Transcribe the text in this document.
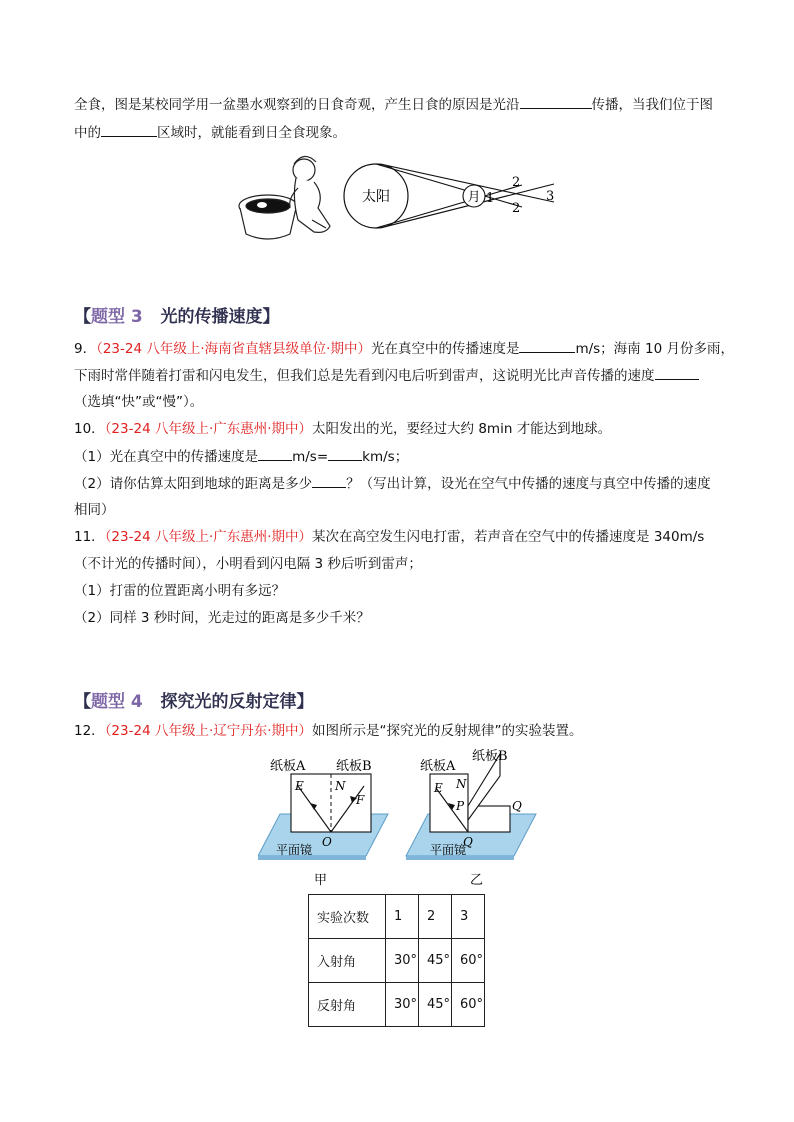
全食，图是某校同学用一盆墨水观察到的日食奇观，产生日食的原因是光沿	传播，当我们位于图
中的	区域时，就能看到日全食现象。
太阳	月 1
2
2
3
【题型 3 光的传播速度】
9．（23-24 八年级上·海南省直辖县级单位·期中）光在真空中的传播速度是	m/s；海南 10 月份多雨，
下雨时常伴随着打雷和闪电发生，但我们总是先看到闪电后听到雷声，这说明光比声音传播的速度
（选填“快”或“慢”）。
10．（23-24 八年级上·广东惠州·期中）太阳发出的光，要经过大约 8min 才能达到地球。
（1）光在真空中的传播速度是	m/s=	km/s；
（2）请你估算太阳到地球的距离是多少	？（写出计算，设光在空气中传播的速度与真空中传播的速度
相同）
11．（23-24 八年级上·广东惠州·期中）某次在高空发生闪电打雷，若声音在空气中的传播速度是 340m/s
（不计光的传播时间），小明看到闪电隔 3 秒后听到雷声；
（1）打雷的位置距离小明有多远？
（2）同样 3 秒时间，光走过的距离是多少千米？
【题型 4 探究光的反射定律】
12．（23-24 八年级上·辽宁丹东·期中）如图所示是“探究光的反射规律”的实验装置。
纸板A 纸板B
E	N
F
O
平面镜
甲
纸板A
纸板B
E N
P	Q
Q
平面镜
乙
实验次数	1	2	3
入射角	30°	45°	60°
反射角	30°	45°	60°
